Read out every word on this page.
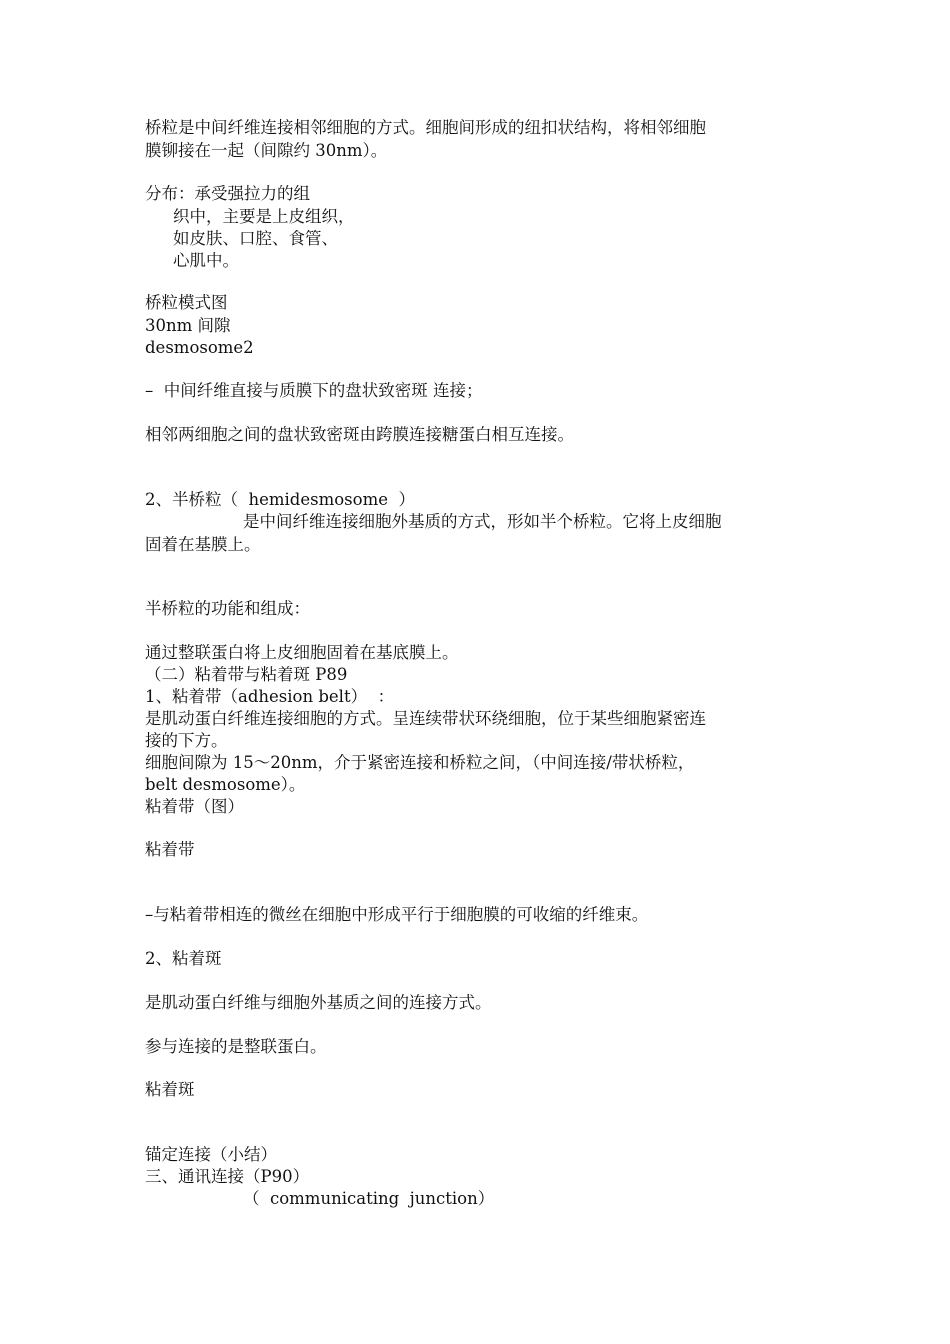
桥粒是中间纤维连接相邻细胞的方式。细胞间形成的纽扣状结构，将相邻细胞

膜铆接在一起（间隙约 30nm）。

分布：承受强拉力的组

织中，主要是上皮组织，

如皮肤、口腔、食管、

心肌中。

桥粒模式图

30nm 间隙

desmosome2

–  中间纤维直接与质膜下的盘状致密斑 连接；

相邻两细胞之间的盘状致密斑由跨膜连接糖蛋白相互连接。

2、半桥粒（  hemidesmosome  ）

是中间纤维连接细胞外基质的方式，形如半个桥粒。它将上皮细胞

固着在基膜上。

半桥粒的功能和组成：

通过整联蛋白将上皮细胞固着在基底膜上。

（二）粘着带与粘着斑 P89

1、粘着带（adhesion belt）  ：

是肌动蛋白纤维连接细胞的方式。呈连续带状环绕细胞，位于某些细胞紧密连

接的下方。

细胞间隙为 15～20nm，介于紧密连接和桥粒之间，（中间连接/带状桥粒，

belt desmosome）。

粘着带（图）

粘着带

–与粘着带相连的微丝在细胞中形成平行于细胞膜的可收缩的纤维束。

2、粘着斑

是肌动蛋白纤维与细胞外基质之间的连接方式。

参与连接的是整联蛋白。

粘着斑

锚定连接（小结）

三、通讯连接（P90）

（  communicating  junction）
